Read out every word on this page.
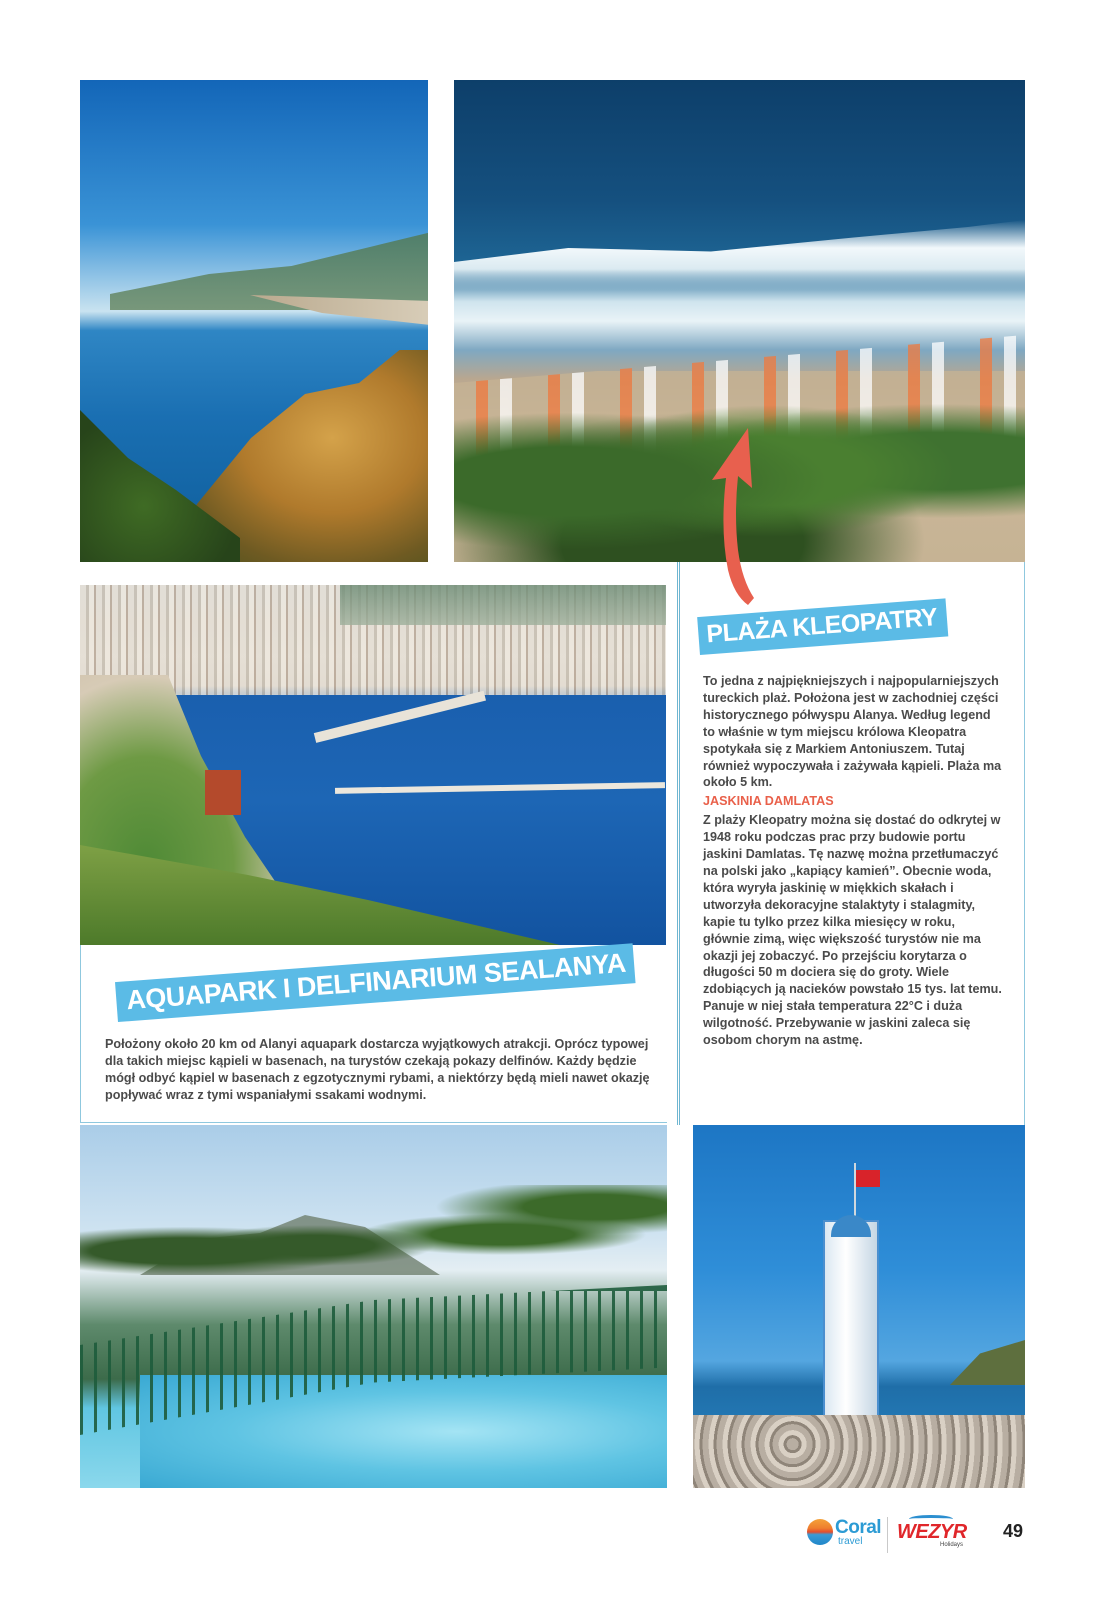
AQUAPARK I DELFINARIUM SEALANYA
PLAŻA KLEOPATRY
Położony około 20 km od Alanyi aquapark dostarcza wyjątkowych atrakcji. Oprócz typowej dla takich miejsc kąpieli w basenach, na turystów czekają pokazy delfinów. Każdy będzie mógł odbyć kąpiel w basenach z egzotycznymi rybami, a niektórzy będą mieli nawet okazję popływać wraz z tymi wspaniałymi ssakami wodnymi.

To jedna z najpiękniejszych i najpopularniejszych tureckich plaż. Położona jest w zachodniej części historycznego półwyspu Alanya. Według legend to właśnie w tym miejscu królowa Kleopatra spotykała się z Markiem Antoniuszem. Tutaj również wypoczywała i zażywała kąpieli. Plaża ma około 5 km.

JASKINIA DAMLATAS

Z plaży Kleopatry można się dostać do odkrytej w 1948 roku podczas prac przy budowie portu jaskini Damlatas. Tę nazwę można przetłumaczyć na polski jako „kapiący kamień”. Obecnie woda, która wyryła jaskinię w miękkich skałach i utworzyła dekoracyjne stalaktyty i stalagmity, kapie tu tylko przez kilka miesięcy w roku, głównie zimą, więc większość turystów nie ma okazji jej zobaczyć. Po przejściu korytarza o długości 50 m dociera się do groty. Wiele zdobiących ją nacieków powstało 15 tys. lat temu. Panuje w niej stała temperatura 22°C i duża wilgotność. Przebywanie w jaskini zaleca się osobom chorym na astmę.

Coral
travel WEZYR
Holidays
49
